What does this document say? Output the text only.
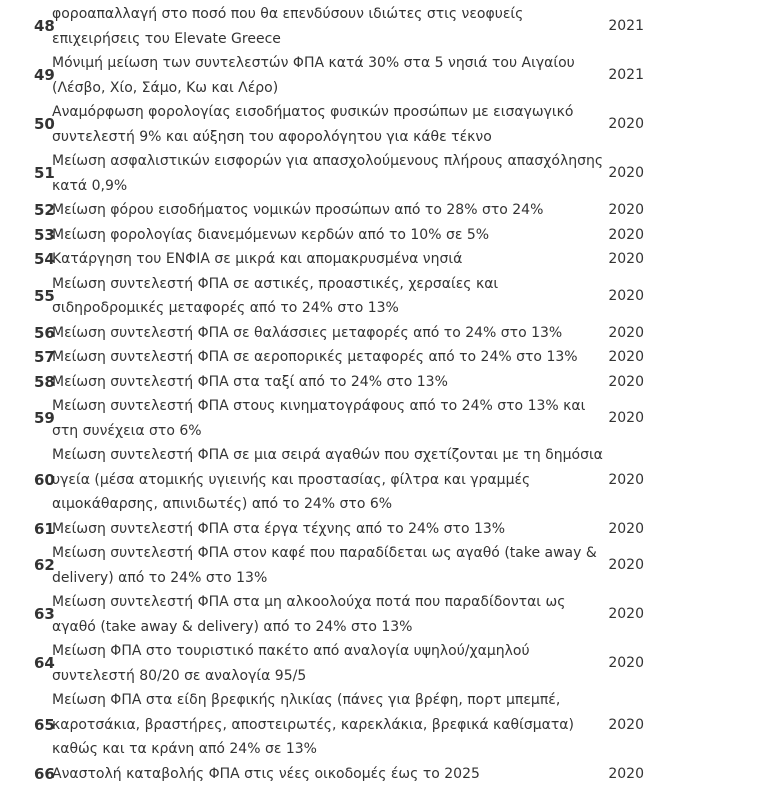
48	φοροαπαλλαγή στο ποσό που θα επενδύσουν ιδιώτες στις νεοφυείς επιχειρήσεις του Elevate Greece	2021
49	Μόνιμή μείωση των συντελεστών ΦΠΑ κατά 30% στα 5 νησιά του Αιγαίου (Λέσβο, Χίο, Σάμο, Κω και Λέρο)	2021
50	Αναμόρφωση φορολογίας εισοδήματος φυσικών προσώπων με εισαγωγικό συντελεστή 9% και αύξηση του αφορολόγητου για κάθε τέκνο	2020
51	Μείωση ασφαλιστικών εισφορών για απασχολούμενους πλήρους απασχόλησης κατά 0,9%	2020
52	Μείωση φόρου εισοδήματος νομικών προσώπων από το 28% στο 24%	2020
53	Μείωση φορολογίας διανεμόμενων κερδών από το 10% σε 5%	2020
54	Κατάργηση του ΕΝΦΙΑ σε μικρά και απομακρυσμένα νησιά	2020
55	Μείωση συντελεστή ΦΠΑ σε αστικές, προαστικές, χερσαίες και σιδηροδρομικές μεταφορές από το 24% στο 13%	2020
56	Μείωση συντελεστή ΦΠΑ σε θαλάσσιες μεταφορές από το 24% στο 13%	2020
57	Μείωση συντελεστή ΦΠΑ σε αεροπορικές μεταφορές από το 24% στο 13%	2020
58	Μείωση συντελεστή ΦΠΑ στα ταξί από το 24% στο 13%	2020
59	Μείωση συντελεστή ΦΠΑ στους κινηματογράφους από το 24% στο 13% και στη συνέχεια στο 6%	2020
60	Μείωση συντελεστή ΦΠΑ σε μια σειρά αγαθών που σχετίζονται με τη δημόσια υγεία (μέσα ατομικής υγιεινής και προστασίας, φίλτρα και γραμμές αιμοκάθαρσης, απινιδωτές) από το 24% στο 6%	2020
61	Μείωση συντελεστή ΦΠΑ στα έργα τέχνης από το 24% στο 13%	2020
62	Μείωση συντελεστή ΦΠΑ στον καφέ που παραδίδεται ως αγαθό (take away & delivery) από το 24% στο 13%	2020
63	Μείωση συντελεστή ΦΠΑ στα μη αλκοολούχα ποτά που παραδίδονται ως αγαθό (take away & delivery) από το 24% στο 13%	2020
64	Μείωση ΦΠΑ στο τουριστικό πακέτο από αναλογία υψηλού/χαμηλού συντελεστή 80/20 σε αναλογία 95/5	2020
65	Μείωση ΦΠΑ στα είδη βρεφικής ηλικίας (πάνες για βρέφη, πορτ μπεμπέ, καροτσάκια, βραστήρες, αποστειρωτές, καρεκλάκια, βρεφικά καθίσματα) καθώς και τα κράνη από 24% σε 13%	2020
66	Αναστολή καταβολής ΦΠΑ στις νέες οικοδομές έως το 2025	2020
